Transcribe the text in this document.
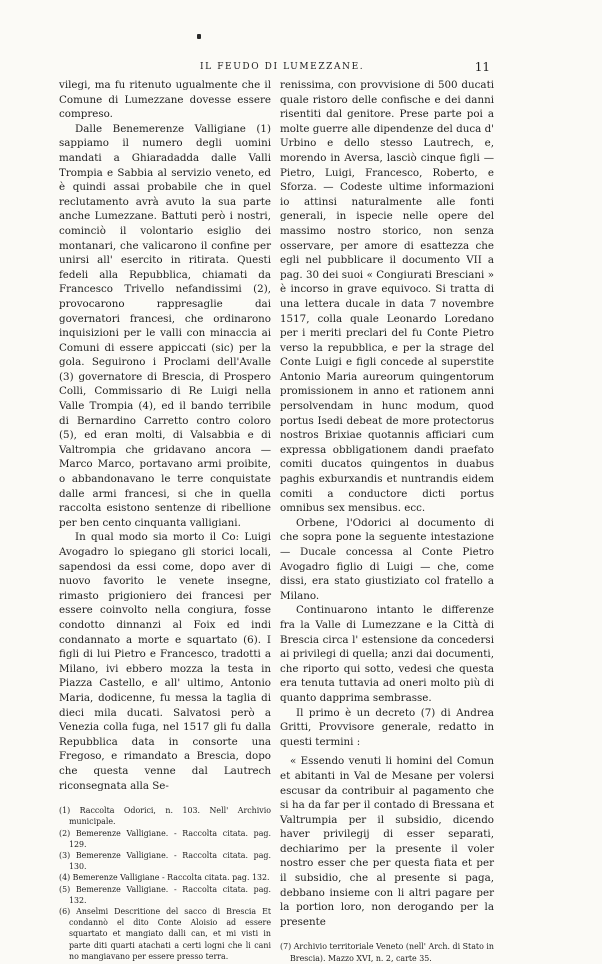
IL FEUDO DI LUMEZZANE.	11

vilegi, ma fu ritenuto ugualmente che il Comune di Lumezzane dovesse essere compreso.

Dalle Benemerenze Valligiane (1) sappiamo il numero degli uomini mandati a Ghiaradadda dalle Valli Trompia e Sabbia al servizio veneto, ed è quindi assai probabile che in quel reclutamento avrà avuto la sua parte anche Lumezzane. Battuti però i nostri, cominciò il volontario esiglio dei montanari, che valicarono il confine per unirsi all' esercito in ritirata. Questi fedeli alla Repubblica, chiamati da Francesco Trivello nefandissimi (2), provocarono rappresaglie dai governatori francesi, che ordinarono inquisizioni per le valli con minaccia ai Comuni di essere appiccati (sic) per la gola. Seguirono i Proclami dell'Avalle (3) governatore di Brescia, di Prospero Colli, Commissario di Re Luigi nella Valle Trompia (4), ed il bando terribile di Bernardino Carretto contro coloro (5), ed eran molti, di Valsabbia e di Valtrompia che gridavano ancora — Marco Marco, portavano armi proibite, o abbandonavano le terre conquistate dalle armi francesi, si che in quella raccolta esistono sentenze di ribellione per ben cento cinquanta valligiani.

In qual modo sia morto il Co: Luigi Avogadro lo spiegano gli storici locali, sapendosi da essi come, dopo aver di nuovo favorito le venete insegne, rimasto prigioniero dei francesi per essere coinvolto nella congiura, fosse condotto dinnanzi al Foix ed indi condannato a morte e squartato (6). I figli di lui Pietro e Francesco, tradotti a Milano, ivi ebbero mozza la testa in Piazza Castello, e all' ultimo, Antonio Maria, dodicenne, fu messa la taglia di dieci mila ducati. Salvatosi però a Venezia colla fuga, nel 1517 gli fu dalla Repubblica data in consorte una Fregoso, e rimandato a Brescia, dopo che questa venne dal Lautrech riconsegnata alla Se-

(1) Raccolta Odorici, n. 103. Nell' Archivio municipale.

(2) Bemerenze Valligiane. - Raccolta citata. pag. 129.

(3) Bemerenze Valligiane. - Raccolta citata. pag. 130.

(4) Bemerenze Valligiane - Raccolta citata. pag. 132.

(5) Bemerenze Valligiane. - Raccolta citata. pag. 132.

(6) Anselmi Descritione del sacco di Brescia Et condannò el dito Conte Aloisio ad essere squartato et mangiato dalli can, et mi visti in parte diti quarti atachati a certi logni che li cani no mangiavano per essere presso terra.

renissima, con provvisione di 500 ducati quale ristoro delle confische e dei danni risentiti dal genitore. Prese parte poi a molte guerre alle dipendenze del duca d' Urbino e dello stesso Lautrech, e, morendo in Aversa, lasciò cinque figli — Pietro, Luigi, Francesco, Roberto, e Sforza. — Codeste ultime informazioni io attinsi naturalmente alle fonti generali, in ispecie nelle opere del massimo nostro storico, non senza osservare, per amore di esattezza che egli nel pubblicare il documento VII a pag. 30 dei suoi « Congiurati Bresciani » è incorso in grave equivoco. Si tratta di una lettera ducale in data 7 novembre 1517, colla quale Leonardo Loredano per i meriti preclari del fu Conte Pietro verso la repubblica, e per la strage del Conte Luigi e figli concede al superstite Antonio Maria aureorum quingentorum promissionem in anno et rationem anni persolvendam in hunc modum, quod portus Isedi debeat de more protectorus nostros Brixiae quotannis afficiari cum expressa obbligationem dandi praefato comiti ducatos quingentos in duabus paghis exburxandis et nuntrandis eidem comiti a conductore dicti portus omnibus sex mensibus. ecc.

Orbene, l'Odorici al documento di che sopra pone la seguente intestazione — Ducale concessa al Conte Pietro Avogadro figlio di Luigi — che, come dissi, era stato giustiziato col fratello a Milano.

Continuarono intanto le differenze fra la Valle di Lumezzane e la Città di Brescia circa l' estensione da concedersi ai privilegi di quella; anzi dai documenti, che riporto qui sotto, vedesi che questa era tenuta tuttavia ad oneri molto più di quanto dapprima sembrasse.

Il primo è un decreto (7) di Andrea Gritti, Provvisore generale, redatto in questi termini :

« Essendo venuti li homini del Comun et abitanti in Val de Mesane per volersi escusar da contribuir al pagamento che si ha da far per il contado di Bressana et Valtrumpia per il subsidio, dicendo haver privilegij di esser separati, dechiarimo per la presente il voler nostro esser che per questa fiata et per il subsidio, che al presente si paga, debbano insieme con li altri pagare per la portion loro, non derogando per la presente

(7) Archivio territoriale Veneto (nell' Arch. di Stato in Brescia). Mazzo XVI, n. 2, carte 35.
